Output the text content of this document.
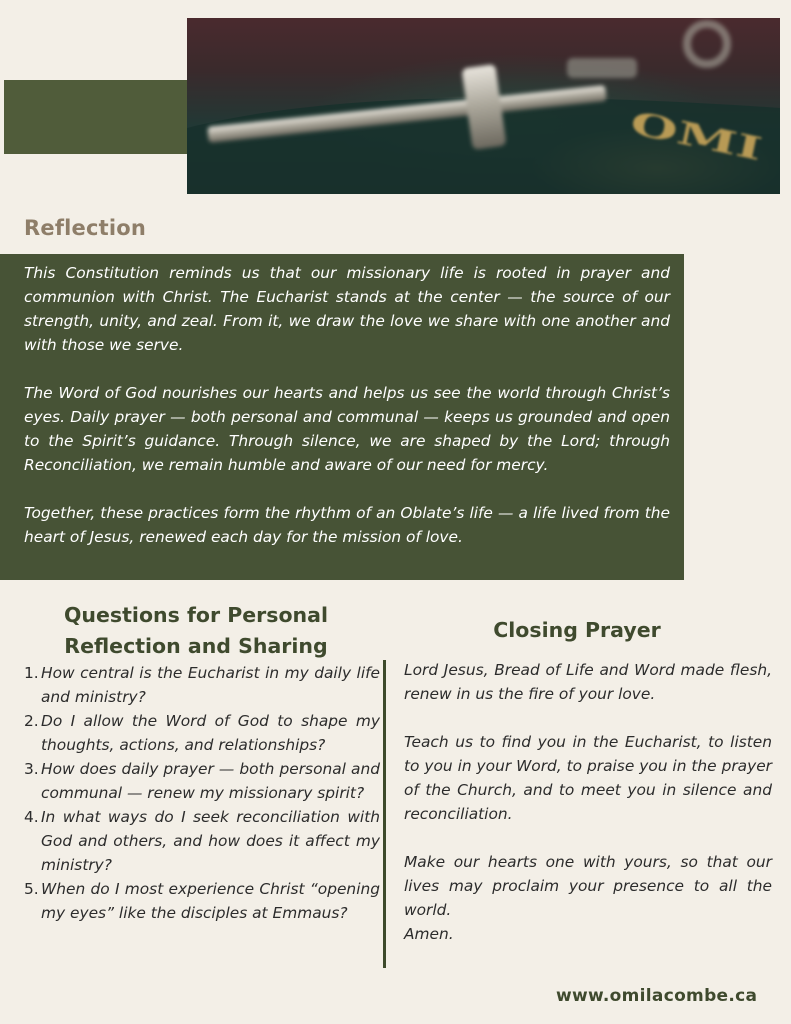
OMI
Reflection

This Constitution reminds us that our missionary life is rooted in prayer and communion with Christ. The Eucharist stands at the center — the source of our strength, unity, and zeal. From it, we draw the love we share with one another and with those we serve.

The Word of God nourishes our hearts and helps us see the world through Christ’s eyes. Daily prayer — both personal and communal — keeps us grounded and open to the Spirit’s guidance. Through silence, we are shaped by the Lord; through Reconciliation, we remain humble and aware of our need for mercy.

Together, these practices form the rhythm of an Oblate’s life — a life lived from the heart of Jesus, renewed each day for the mission of love.

Questions for Personal Reflection and Sharing
1. How central is the Eucharist in my daily life and ministry?
2. Do I allow the Word of God to shape my thoughts, actions, and relationships?
3. How does daily prayer — both personal and communal — renew my missionary spirit?
4. In what ways do I seek reconciliation with God and others, and how does it affect my ministry?
5. When do I most experience Christ “opening my eyes” like the disciples at Emmaus?
Closing Prayer

Lord Jesus, Bread of Life and Word made flesh, renew in us the fire of your love.

Teach us to find you in the Eucharist, to listen to you in your Word, to praise you in the prayer of the Church, and to meet you in silence and reconciliation.

Make our hearts one with yours, so that our lives may proclaim your presence to all the world.

Amen.

www.omilacombe.ca
